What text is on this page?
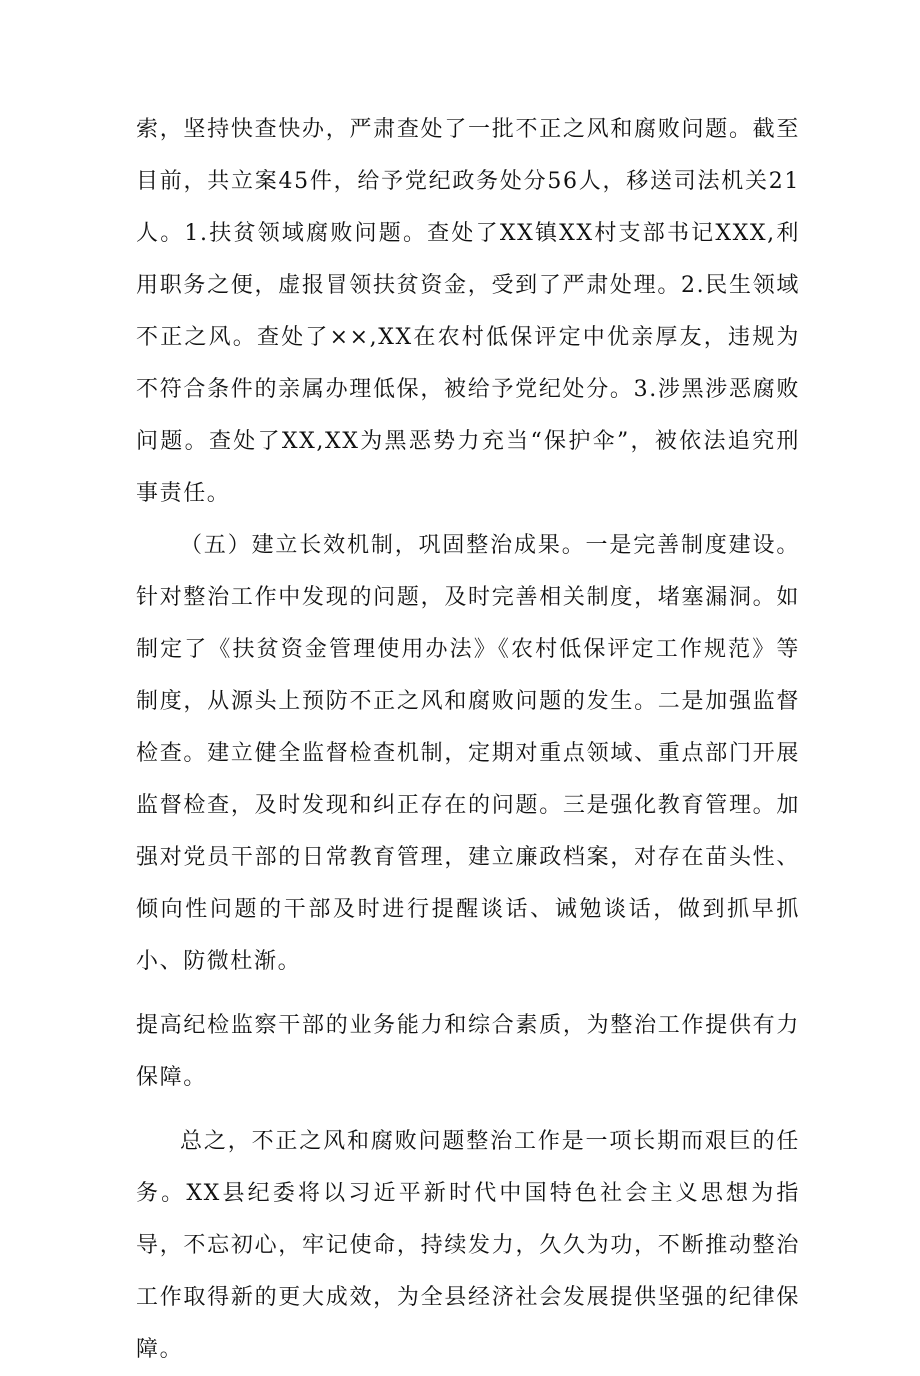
索，坚持快查快办，严肃查处了一批不正之风和腐败问题。截至目前，共立案45件，给予党纪政务处分56人，移送司法机关21人。1.扶贫领域腐败问题。查处了XX镇XX村支部书记XXX,利用职务之便，虚报冒领扶贫资金，受到了严肃处理。2.民生领域不正之风。查处了××,XX在农村低保评定中优亲厚友，违规为不符合条件的亲属办理低保，被给予党纪处分。3.涉黑涉恶腐败问题。查处了XX,XX为黑恶势力充当“保护伞”，被依法追究刑事责任。

（五）建立长效机制，巩固整治成果。一是完善制度建设。针对整治工作中发现的问题，及时完善相关制度，堵塞漏洞。如制定了《扶贫资金管理使用办法》《农村低保评定工作规范》等制度，从源头上预防不正之风和腐败问题的发生。二是加强监督检查。建立健全监督检查机制，定期对重点领域、重点部门开展监督检查，及时发现和纠正存在的问题。三是强化教育管理。加强对党员干部的日常教育管理，建立廉政档案，对存在苗头性、倾向性问题的干部及时进行提醒谈话、诫勉谈话，做到抓早抓小、防微杜渐。

提高纪检监察干部的业务能力和综合素质，为整治工作提供有力保障。

总之，不正之风和腐败问题整治工作是一项长期而艰巨的任务。XX县纪委将以习近平新时代中国特色社会主义思想为指导，不忘初心，牢记使命，持续发力，久久为功，不断推动整治工作取得新的更大成效，为全县经济社会发展提供坚强的纪律保障。
